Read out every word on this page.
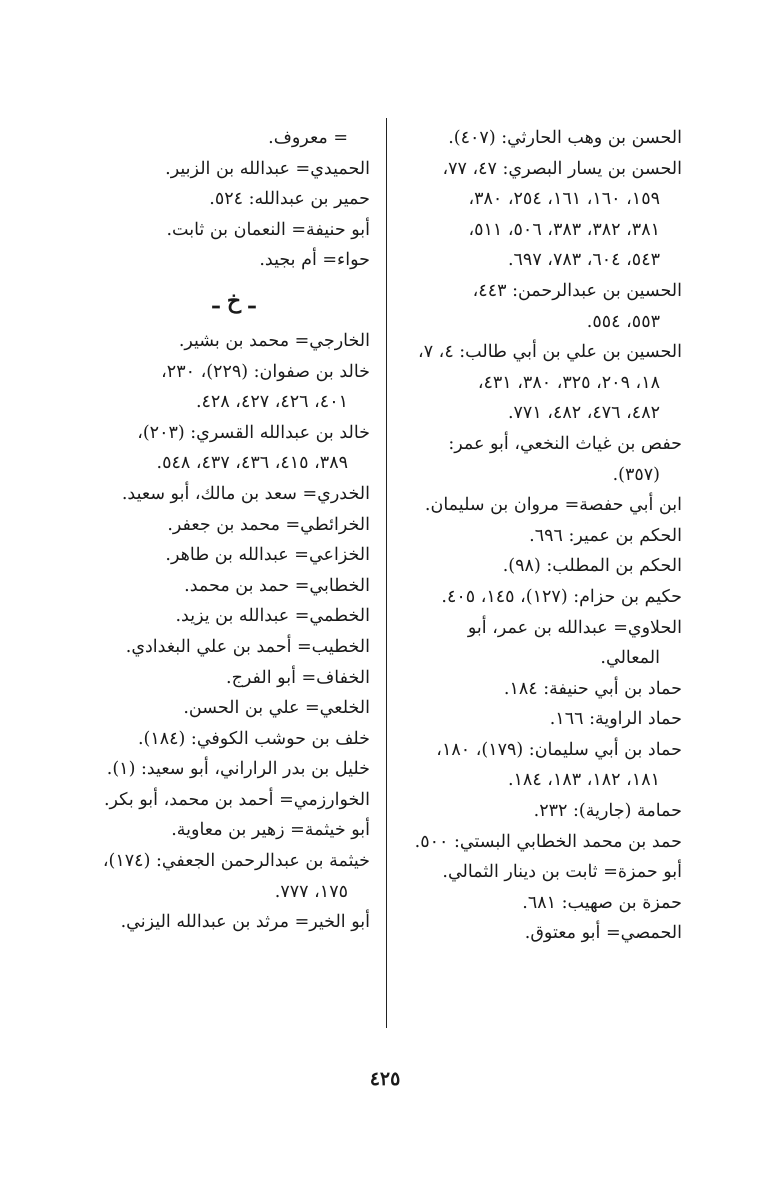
الحسن بن وهب الحارثي: (٤٠٧).
الحسن بن يسار البصري: ٤٧، ٧٧،
١٥٩، ١٦٠، ١٦١، ٢٥٤، ٣٨٠،
٣٨١، ٣٨٢، ٣٨٣، ٥٠٦، ٥١١،
٥٤٣، ٦٠٤، ٧٨٣، ٦٩٧.
الحسين بن عبدالرحمن: ٤٤٣،
٥٥٣، ٥٥٤.
الحسين بن علي بن أبي طالب: ٤، ٧،
١٨، ٢٠٩، ٣٢٥، ٣٨٠، ٤٣١،
٤٨٢، ٤٧٦، ٤٨٢، ٧٧١.
حفص بن غياث النخعي، أبو عمر:
(٣٥٧).
ابن أبي حفصة= مروان بن سليمان.
الحكم بن عمير: ٦٩٦.
الحكم بن المطلب: (٩٨).
حكيم بن حزام: (١٢٧)، ١٤٥، ٤٠٥.
الحلاوي= عبدالله بن عمر، أبو
المعالي.
حماد بن أبي حنيفة: ١٨٤.
حماد الراوية: ١٦٦.
حماد بن أبي سليمان: (١٧٩)، ١٨٠،
١٨١، ١٨٢، ١٨٣، ١٨٤.
حمامة (جارية): ٢٣٢.
حمد بن محمد الخطابي البستي: ٥٠٠.
أبو حمزة= ثابت بن دينار الثمالي.
حمزة بن صهيب: ٦٨١.
الحمصي= أبو معتوق.
= معروف.
الحميدي= عبدالله بن الزبير.
حمير بن عبدالله: ٥٢٤.
أبو حنيفة= النعمان بن ثابت.
حواء= أم بجيد.
ـ خ ـ
الخارجي= محمد بن بشير.
خالد بن صفوان: (٢٢٩)، ٢٣٠،
٤٠١، ٤٢٦، ٤٢٧، ٤٢٨.
خالد بن عبدالله القسري: (٢٠٣)،
٣٨٩، ٤١٥، ٤٣٦، ٤٣٧، ٥٤٨.
الخدري= سعد بن مالك، أبو سعيد.
الخرائطي= محمد بن جعفر.
الخزاعي= عبدالله بن طاهر.
الخطابي= حمد بن محمد.
الخطمي= عبدالله بن يزيد.
الخطيب= أحمد بن علي البغدادي.
الخفاف= أبو الفرج.
الخلعي= علي بن الحسن.
خلف بن حوشب الكوفي: (١٨٤).
خليل بن بدر الراراني، أبو سعيد: (١).
الخوارزمي= أحمد بن محمد، أبو بكر.
أبو خيثمة= زهير بن معاوية.
خيثمة بن عبدالرحمن الجعفي: (١٧٤)،
١٧٥، ٧٧٧.
أبو الخير= مرثد بن عبدالله اليزني.
٤٢٥
